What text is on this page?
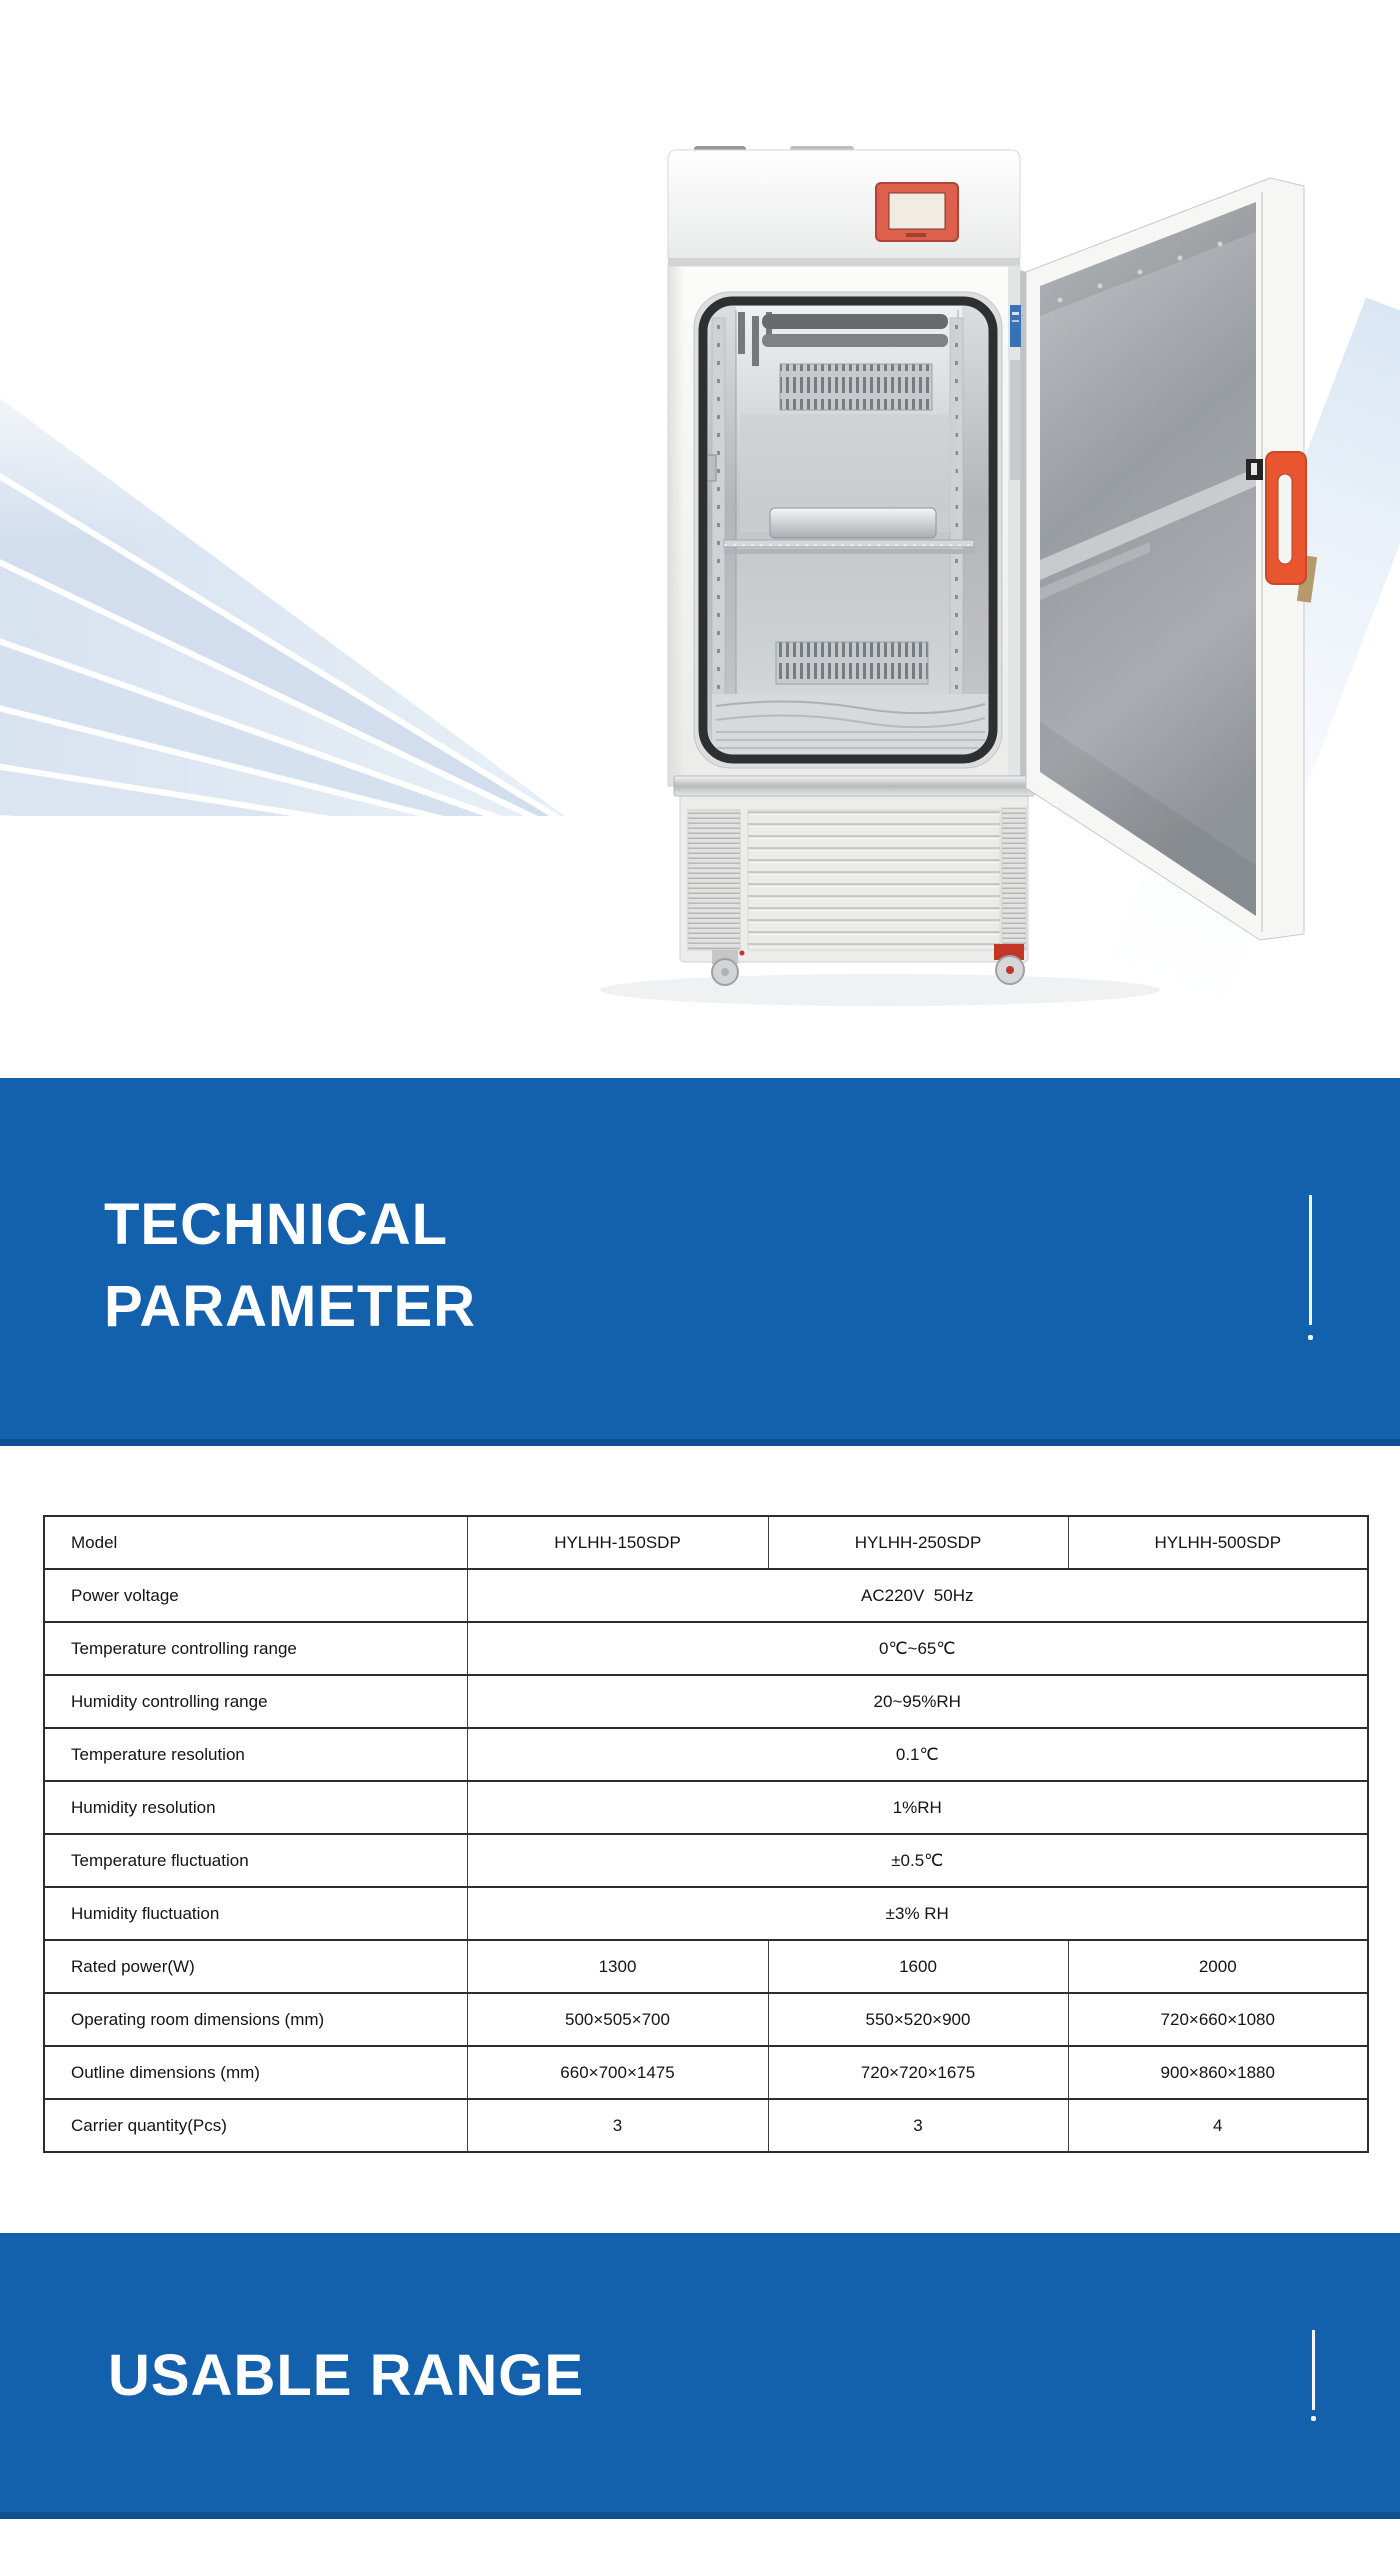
TECHNICAL
PARAMETER
Model	HYLHH-150SDP	HYLHH-250SDP	HYLHH-500SDP
Power voltage	AC220V  50Hz		
Temperature controlling range	0℃~65℃		
Humidity controlling range	20~95%RH		
Temperature resolution	0.1℃		
Humidity resolution	1%RH		
Temperature fluctuation	±0.5℃		
Humidity fluctuation	±3% RH		
Rated power(W)	1300	1600	2000
Operating room dimensions (mm)	500×505×700	550×520×900	720×660×1080
Outline dimensions (mm)	660×700×1475	720×720×1675	900×860×1880
Carrier quantity(Pcs)	3	3	4
USABLE RANGE
